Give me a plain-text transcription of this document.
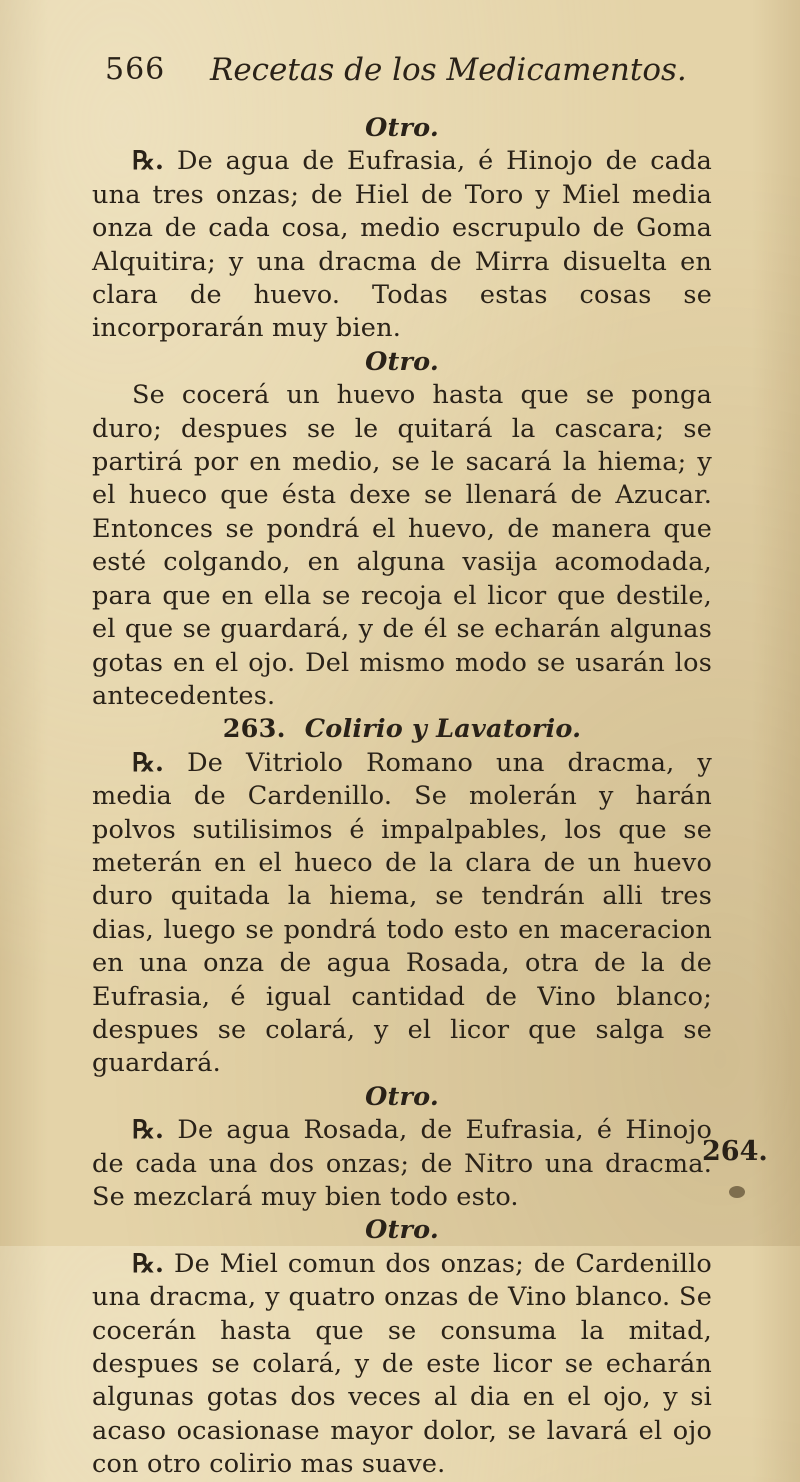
566 Recetas de los Medicamentos.

Otro.

℞. De agua de Eufrasia, é Hinojo de cada una tres onzas; de Hiel de Toro y Miel media onza de cada cosa, medio escrupulo de Goma Alquitira; y una dracma de Mirra disuelta en clara de huevo. Todas estas cosas se incorporarán muy bien.

Otro.

Se cocerá un huevo hasta que se ponga duro; despues se le quitará la cascara; se partirá por en medio, se le sacará la hiema; y el hueco que ésta dexe se llenará de Azucar. Entonces se pondrá el huevo, de manera que esté colgando, en alguna vasija acomodada, para que en ella se recoja el licor que destile, el que se guardará, y de él se echarán algunas gotas en el ojo. Del mismo modo se usarán los antecedentes.

263. Colirio y Lavatorio.

℞. De Vitriolo Romano una dracma, y media de Cardenillo. Se molerán y harán polvos sutilisimos é impalpables, los que se meterán en el hueco de la clara de un huevo duro quitada la hiema, se tendrán alli tres dias, luego se pondrá todo esto en maceracion en una onza de agua Rosada, otra de la de Eufrasia, é igual cantidad de Vino blanco; despues se colará, y el licor que salga se guardará.

Otro.

℞. De agua Rosada, de Eufrasia, é Hinojo de cada una dos onzas; de Nitro una dracma. Se mezclará muy bien todo esto.

Otro.

℞. De Miel comun dos onzas; de Cardenillo una dracma, y quatro onzas de Vino blanco. Se cocerán hasta que se consuma la mitad, despues se colará, y de este licor se echarán algunas gotas dos veces al dia en el ojo, y si acaso ocasionase mayor dolor, se lavará el ojo con otro colirio mas suave.

264.
